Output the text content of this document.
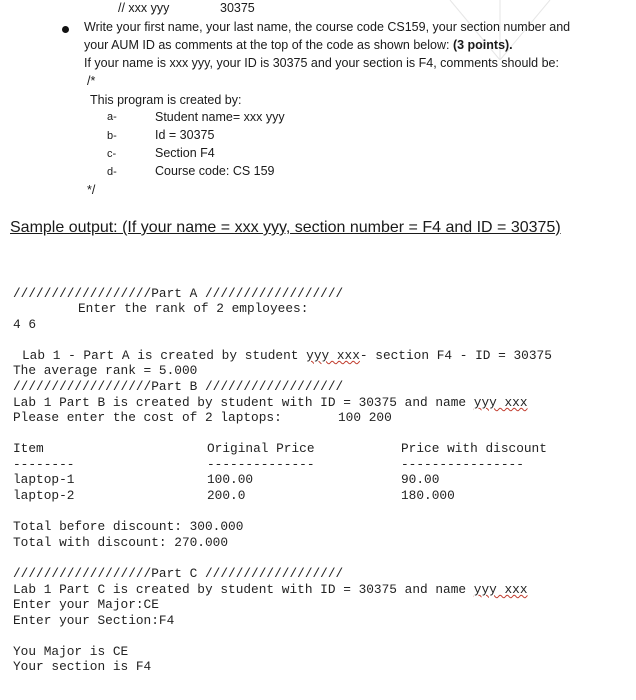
// xxx yyy	30375
Write your first name, your last name, the course code CS159, your section number and
your AUM ID as comments at the top of the code as shown below: (3 points).
If your name is xxx yyy, your ID is 30375 and your section is F4, comments should be:
/*
This program is created by:
a-	Student name= xxx yyy
b-	Id = 30375
c-	Section F4
d-	Course code: CS 159
*/
Sample output: (If your name = xxx yyy, section number = F4 and ID = 30375)
//////////////////Part A //////////////////
Enter the rank of 2 employees:
4 6
Lab 1 - Part A is created by student yyy xxx- section F4 - ID = 30375
The average rank = 5.000
//////////////////Part B //////////////////
Lab 1 Part B is created by student with ID = 30375 and name yyy xxx
Please enter the cost of 2 laptops:	100 200
Item	Original Price	Price with discount
--------	--------------	----------------
laptop-1	100.00	90.00
laptop-2	200.0	180.000
Total before discount: 300.000
Total with discount: 270.000
//////////////////Part C //////////////////
Lab 1 Part C is created by student with ID = 30375 and name yyy xxx
Enter your Major:CE
Enter your Section:F4
You Major is CE
Your section is F4
